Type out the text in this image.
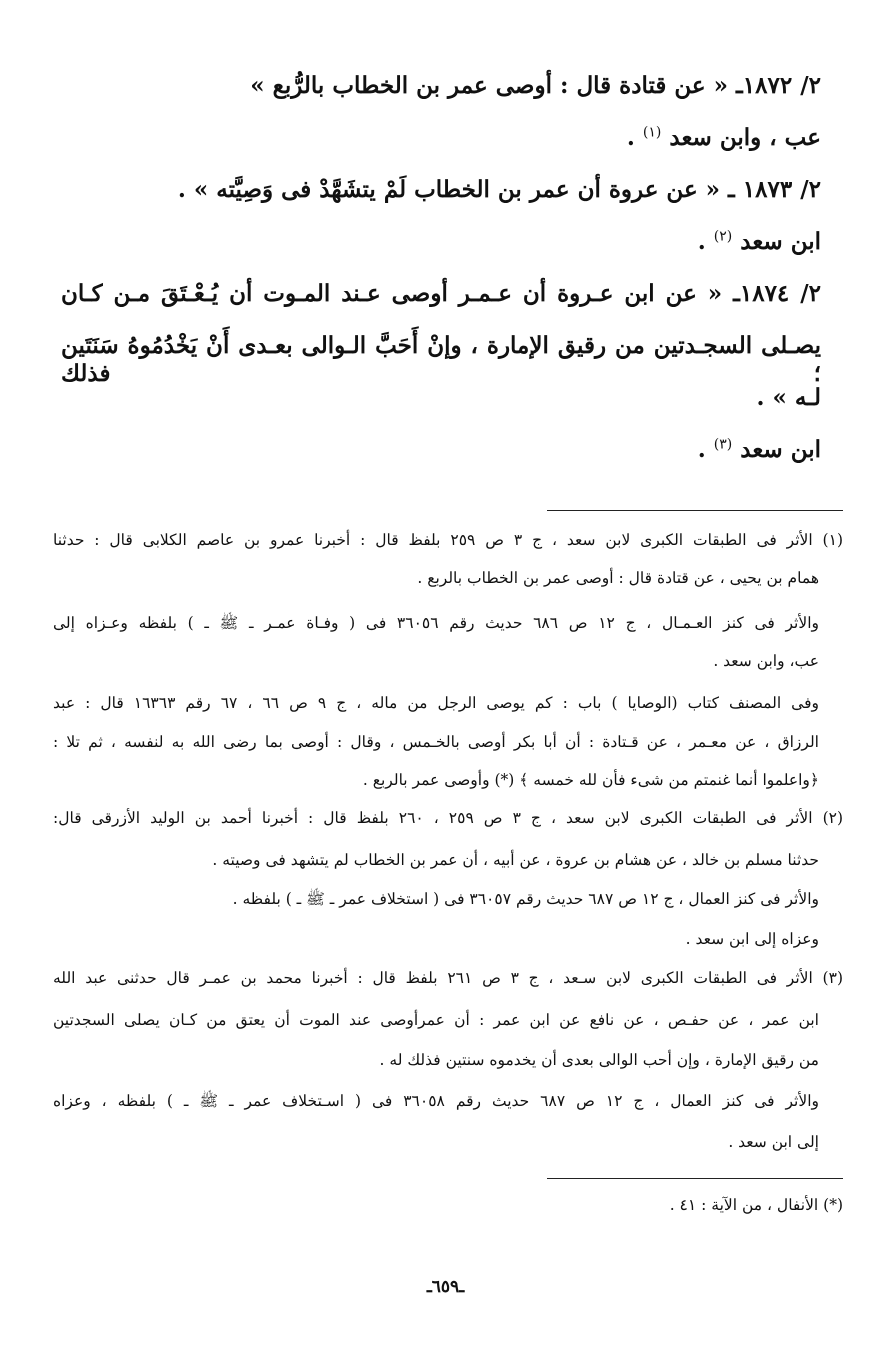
٢/ ١٨٧٢ـ « عن قتادة قال : أوصى عمر بن الخطاب بالرُّبع »
عب ، وابن سعد $^{(١)}$ .
٢/ ١٨٧٣ ـ « عن عروة أن عمر بن الخطاب لَمْ يتشَهَّدْ فى وَصِيَّته » .
ابن سعد $^{(٢)}$ .
٢/ ١٨٧٤ـ « عن ابن عـروة أن عـمـر أوصى عـند المـوت أن يُـعْـتَقَ مـن كـان
يصـلى السجـدتين من رقيق الإمارة ، وإنْ أَحَبَّ الـوالى بعـدى أَنْ يَخْدُمُوهُ سَنَتَين ؛ فذلك
لـه » .
ابن سعد $^{(٣)}$ .
(١) الأثر فى الطبقات الكبرى لابن سعد ، ج ٣ ص ٢٥٩ بلفظ قال : أخبرنا عمرو بن عاصم الكلابى قال : حدثنا
همام بن يحيى ، عن قتادة قال : أوصى عمر بن الخطاب بالربع .
والأثر فى كنز العـمـال ، ج ١٢ ص ٦٨٦ حديث رقم ٣٦٠٥٦ فى ( وفـاة عمـر ـ ﷺ ـ ) بلفظه وعـزاه إلى
عب، وابن سعد .
وفى المصنف كتاب (الوصايا ) باب : كم يوصى الرجل من ماله ، ج ٩ ص ٦٦ ، ٦٧ رقم ١٦٣٦٣ قال : عبد
الرزاق ، عن معـمر ، عن قـتادة : أن أبا بكر أوصى بالخـمس ، وقال : أوصى بما رضى الله به لنفسه ، ثم تلا :
﴿واعلموا أنما غنمتم من شىء فأن لله خمسه ﴾ (*) وأوصى عمر بالربع .
(٢) الأثر فى الطبقات الكبرى لابن سعد ، ج ٣ ص ٢٥٩ ، ٢٦٠ بلفظ قال : أخبرنا أحمد بن الوليد الأزرقى قال:
حدثنا مسلم بن خالد ، عن هشام بن عروة ، عن أبيه ، أن عمر بن الخطاب لم يتشهد فى وصيته .
والأثر فى كنز العمال ، ج ١٢ ص ٦٨٧ حديث رقم ٣٦٠٥٧ فى ( استخلاف عمر ـ ﷺ ـ ) بلفظه .
وعزاه إلى ابن سعد .
(٣) الأثر فى الطبقات الكبرى لابن سـعد ، ج ٣ ص ٢٦١ بلفظ قال : أخبرنا محمد بن عمـر قال حدثنى عبد الله
ابن عمر ، عن حفـص ، عن نافع عن ابن عمر : أن عمرأوصى عند الموت أن يعتق من كـان يصلى السجدتين
من رقيق الإمارة ، وإن أحب الوالى بعدى أن يخدموه سنتين فذلك له .
والأثر فى كنز العمال ، ج ١٢ ص ٦٨٧ حديث رقم ٣٦٠٥٨ فى ( اسـتخلاف عمر ـ ﷺ ـ ) بلفظه ، وعزاه
إلى ابن سعد .
(*) الأنفال ، من الآية : ٤١ .
ـ٦٥٩ـ
